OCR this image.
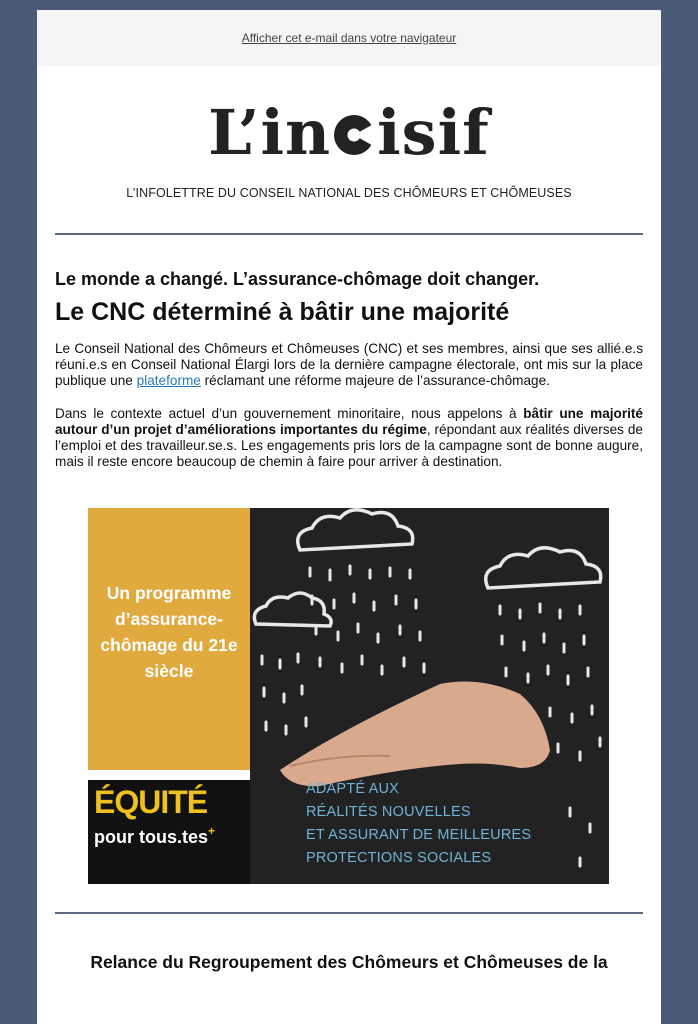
Afficher cet e-mail dans votre navigateur
L’in isif
L’INFOLETTRE DU CONSEIL NATIONAL DES CHÔMEURS ET CHÔMEUSES
Le monde a changé. L’assurance-chômage doit changer.
Le CNC déterminé à bâtir une majorité

Le Conseil National des Chômeurs et Chômeuses (CNC) et ses membres, ainsi que ses allié.e.s réuni.e.s en Conseil National Élargi lors de la dernière campagne électorale, ont mis sur la place publique une plateforme réclamant une réforme majeure de l’assurance-chômage.

Dans le contexte actuel d’un gouvernement minoritaire, nous appelons à bâtir une majorité autour d’un projet d’améliorations importantes du régime, répondant aux réalités diverses de l’emploi et des travailleur.se.s. Les engagements pris lors de la campagne sont de bonne augure, mais il reste encore beaucoup de chemin à faire pour arriver à destination.

Un programme d’assurance-chômage du 21e siècle
ÉQUITÉ
pour tous.tes+
ADAPTÉ AUX
RÉALITÉS NOUVELLES
ET ASSURANT DE MEILLEURES
PROTECTIONS SOCIALES
Relance du Regroupement des Chômeurs et Chômeuses de la
